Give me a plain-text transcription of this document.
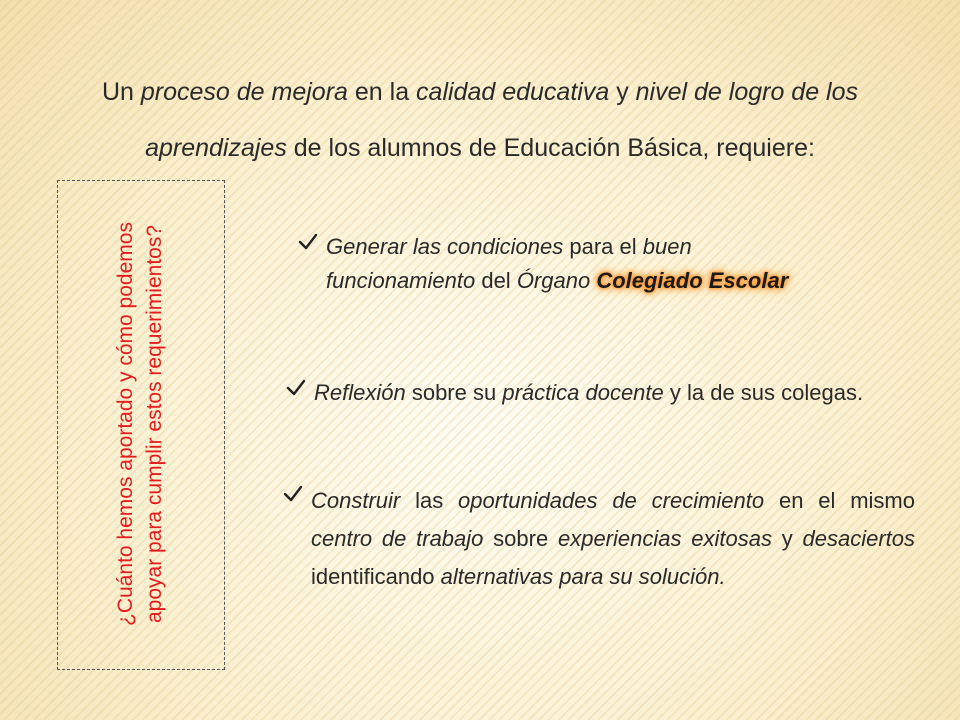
Un proceso de mejora en la calidad educativa y nivel de logro de los aprendizajes de los alumnos de Educación Básica, requiere:

¿Cuánto hemos aportado y cómo podemos apoyar para cumplir estos requerimientos?	Generar las condiciones para el buen
funcionamiento del Órgano Colegiado Escolar
Reflexión sobre su práctica docente y la de sus colegas.
Construir las oportunidades de crecimiento en el mismo centro de trabajo sobre experiencias exitosas y desaciertos identificando alternativas para su solución.
